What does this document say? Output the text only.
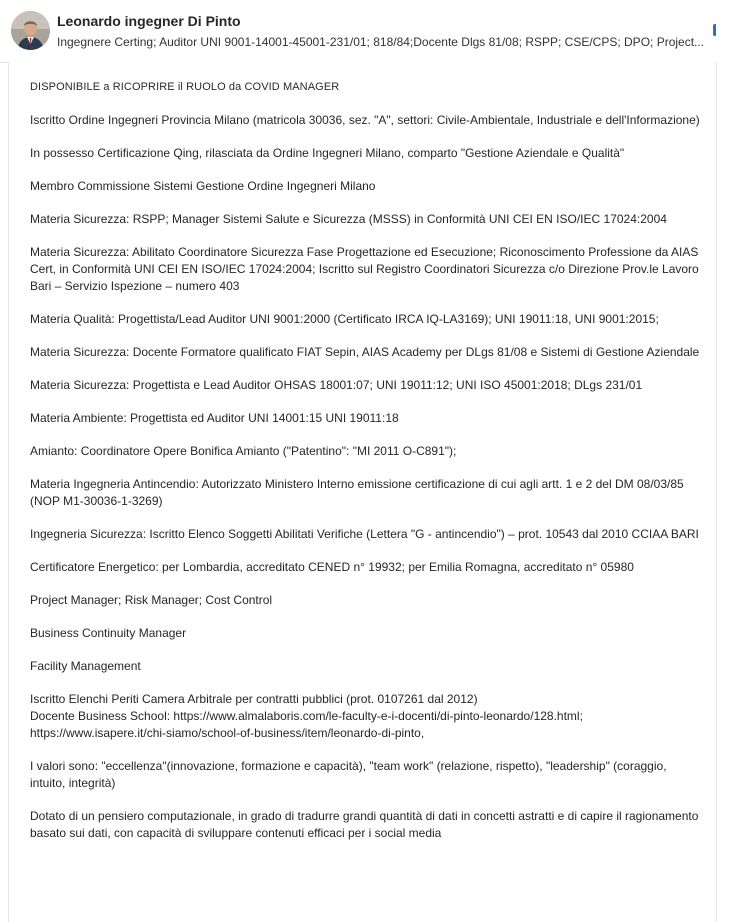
Leonardo ingegner Di Pinto
Ingegnere Certing; Auditor UNI 9001-14001-45001-231/01; 818/84;Docente Dlgs 81/08; RSPP; CSE/CPS; DPO; Project...

DISPONIBILE a RICOPRIRE il RUOLO da COVID MANAGER

Iscritto Ordine Ingegneri Provincia Milano (matricola 30036, sez. "A", settori: Civile-Ambientale, Industriale e dell'Informazione)

In possesso Certificazione Qing, rilasciata da Ordine Ingegneri Milano, comparto "Gestione Aziendale e Qualità"

Membro Commissione Sistemi Gestione Ordine Ingegneri Milano

Materia Sicurezza: RSPP; Manager Sistemi Salute e Sicurezza (MSSS) in Conformità UNI CEI EN ISO/IEC 17024:2004

Materia Sicurezza: Abilitato Coordinatore Sicurezza Fase Progettazione ed Esecuzione; Riconoscimento Professione da AIAS Cert, in Conformità UNI CEI EN ISO/IEC 17024:2004; Iscritto sul Registro Coordinatori Sicurezza c/o Direzione Prov.le Lavoro Bari – Servizio Ispezione – numero 403

Materia Qualità: Progettista/Lead Auditor UNI 9001:2000 (Certificato IRCA IQ-LA3169); UNI 19011:18, UNI 9001:2015;

Materia Sicurezza: Docente Formatore qualificato FIAT Sepin, AIAS Academy per DLgs 81/08 e Sistemi di Gestione Aziendale

Materia Sicurezza: Progettista e Lead Auditor OHSAS 18001:07; UNI 19011:12; UNI ISO 45001:2018; DLgs 231/01

Materia Ambiente: Progettista ed Auditor UNI 14001:15 UNI 19011:18

Amianto: Coordinatore Opere Bonifica Amianto ("Patentino": "MI 2011 O-C891");

Materia Ingegneria Antincendio: Autorizzato Ministero Interno emissione certificazione di cui agli artt. 1 e 2 del DM 08/03/85 (NOP M1-30036-1-3269)

Ingegneria Sicurezza: Iscritto Elenco Soggetti Abilitati Verifiche (Lettera "G - antincendio") – prot. 10543 dal 2010 CCIAA BARI

Certificatore Energetico: per Lombardia, accreditato CENED n° 19932; per Emilia Romagna, accreditato n° 05980

Project Manager; Risk Manager; Cost Control

Business Continuity Manager

Facility Management

Iscritto Elenchi Periti Camera Arbitrale per contratti pubblici (prot. 0107261 dal 2012)
Docente Business School: https://www.almalaboris.com/le-faculty-e-i-docenti/di-pinto-leonardo/128.html;
https://www.isapere.it/chi-siamo/school-of-business/item/leonardo-di-pinto,

I valori sono: "eccellenza"(innovazione, formazione e capacità), "team work" (relazione, rispetto), "leadership" (coraggio, intuito, integrità)

Dotato di un pensiero computazionale, in grado di tradurre grandi quantità di dati in concetti astratti e di capire il ragionamento basato sui dati, con capacità di sviluppare contenuti efficaci per i social media
